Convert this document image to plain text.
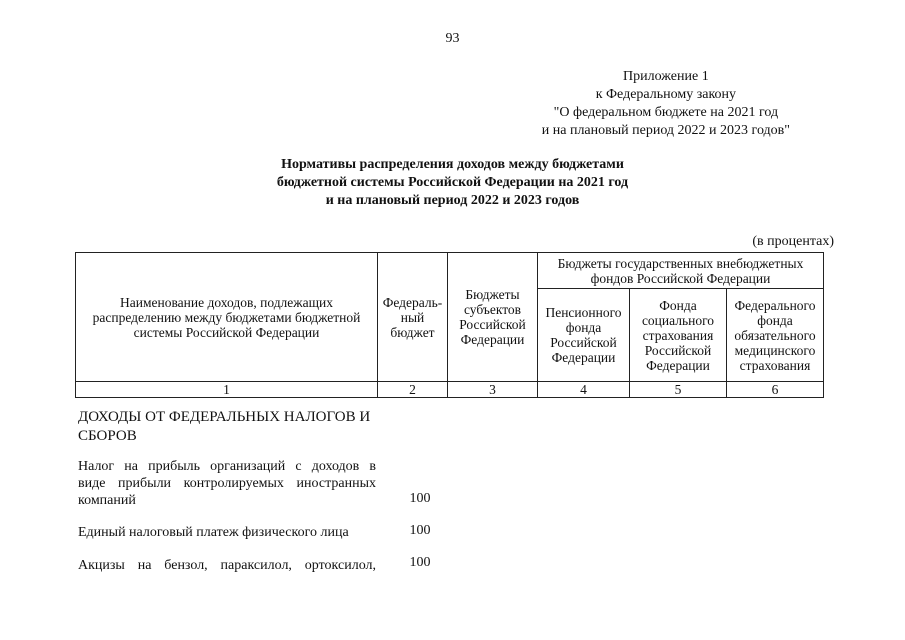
93
Приложение 1
к Федеральному закону
"О федеральном бюджете на 2021 год
и на плановый период 2022 и 2023 годов"
Нормативы распределения доходов между бюджетами
бюджетной системы Российской Федерации на 2021 год
и на плановый период 2022 и 2023 годов
(в процентах)
Наименование доходов, подлежащих распределению между бюджетами бюджетной системы Российской Федерации	Федераль-ный бюджет	Бюджеты субъектов Российской Федерации	Бюджеты государственных внебюджетных фондов Российской Федерации		
			Пенсионного фонда Российской Федерации	Фонда социального страхования Российской Федерации	Федерального фонда обязательного медицинского страхования
1	2	3	4	5	6
ДОХОДЫ ОТ ФЕДЕРАЛЬНЫХ НАЛОГОВ И
СБОРОВ
Налог на прибыль организаций с доходов в
виде прибыли контролируемых иностранных
компаний	100
Единый налоговый платеж физического лица	100
Акцизы на бензол, параксилол, ортоксилол,	100
